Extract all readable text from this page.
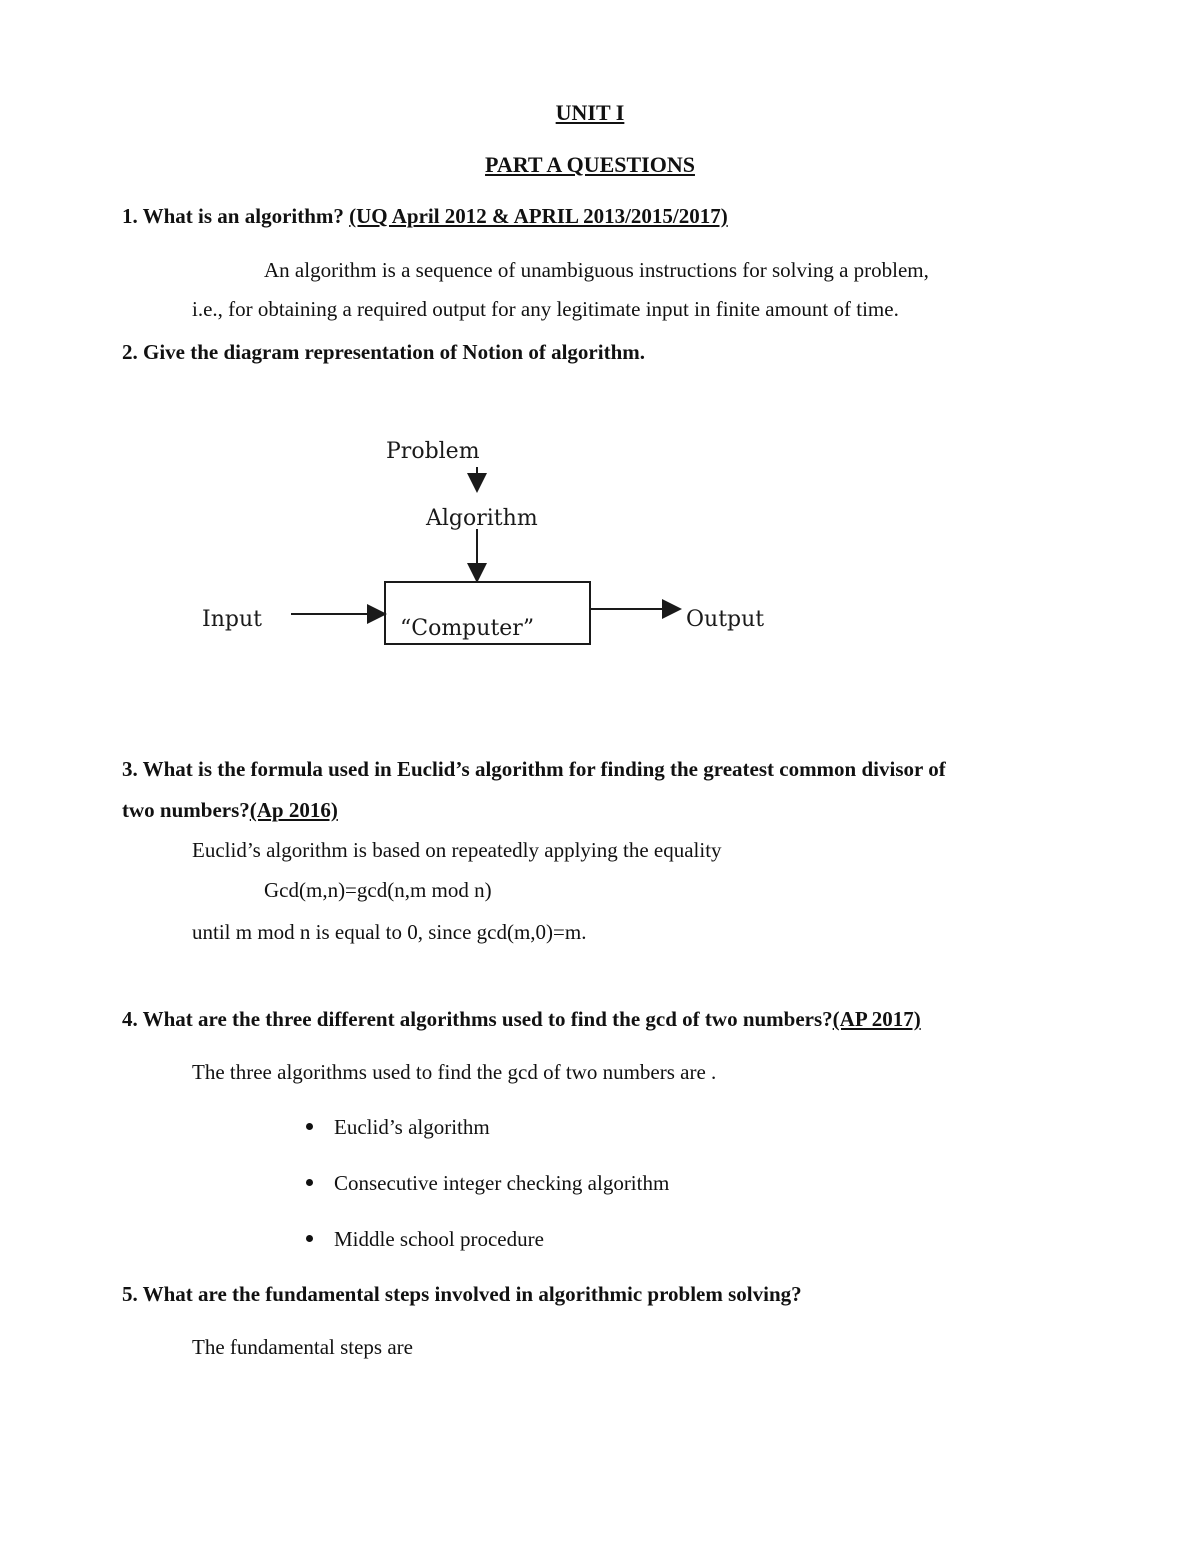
UNIT I
PART A QUESTIONS
1. What is an algorithm? (UQ April 2012 & APRIL 2013/2015/2017)
An algorithm is a sequence of unambiguous instructions for solving a problem,
i.e., for obtaining a required output for any legitimate input in finite amount of time.
2. Give the diagram representation of Notion of algorithm.
Problem
Algorithm
“Computer”
Input	Output
3. What is the formula used in Euclid’s algorithm for finding the greatest common divisor of
two numbers?(Ap 2016)
Euclid’s algorithm is based on repeatedly applying the equality
Gcd(m,n)=gcd(n,m mod n)
until m mod n is equal to 0, since gcd(m,0)=m.
4. What are the three different algorithms used to find the gcd of two numbers?(AP 2017)
The three algorithms used to find the gcd of two numbers are .
Euclid’s algorithm
Consecutive integer checking algorithm
Middle school procedure
5. What are the fundamental steps involved in algorithmic problem solving?
The fundamental steps are
